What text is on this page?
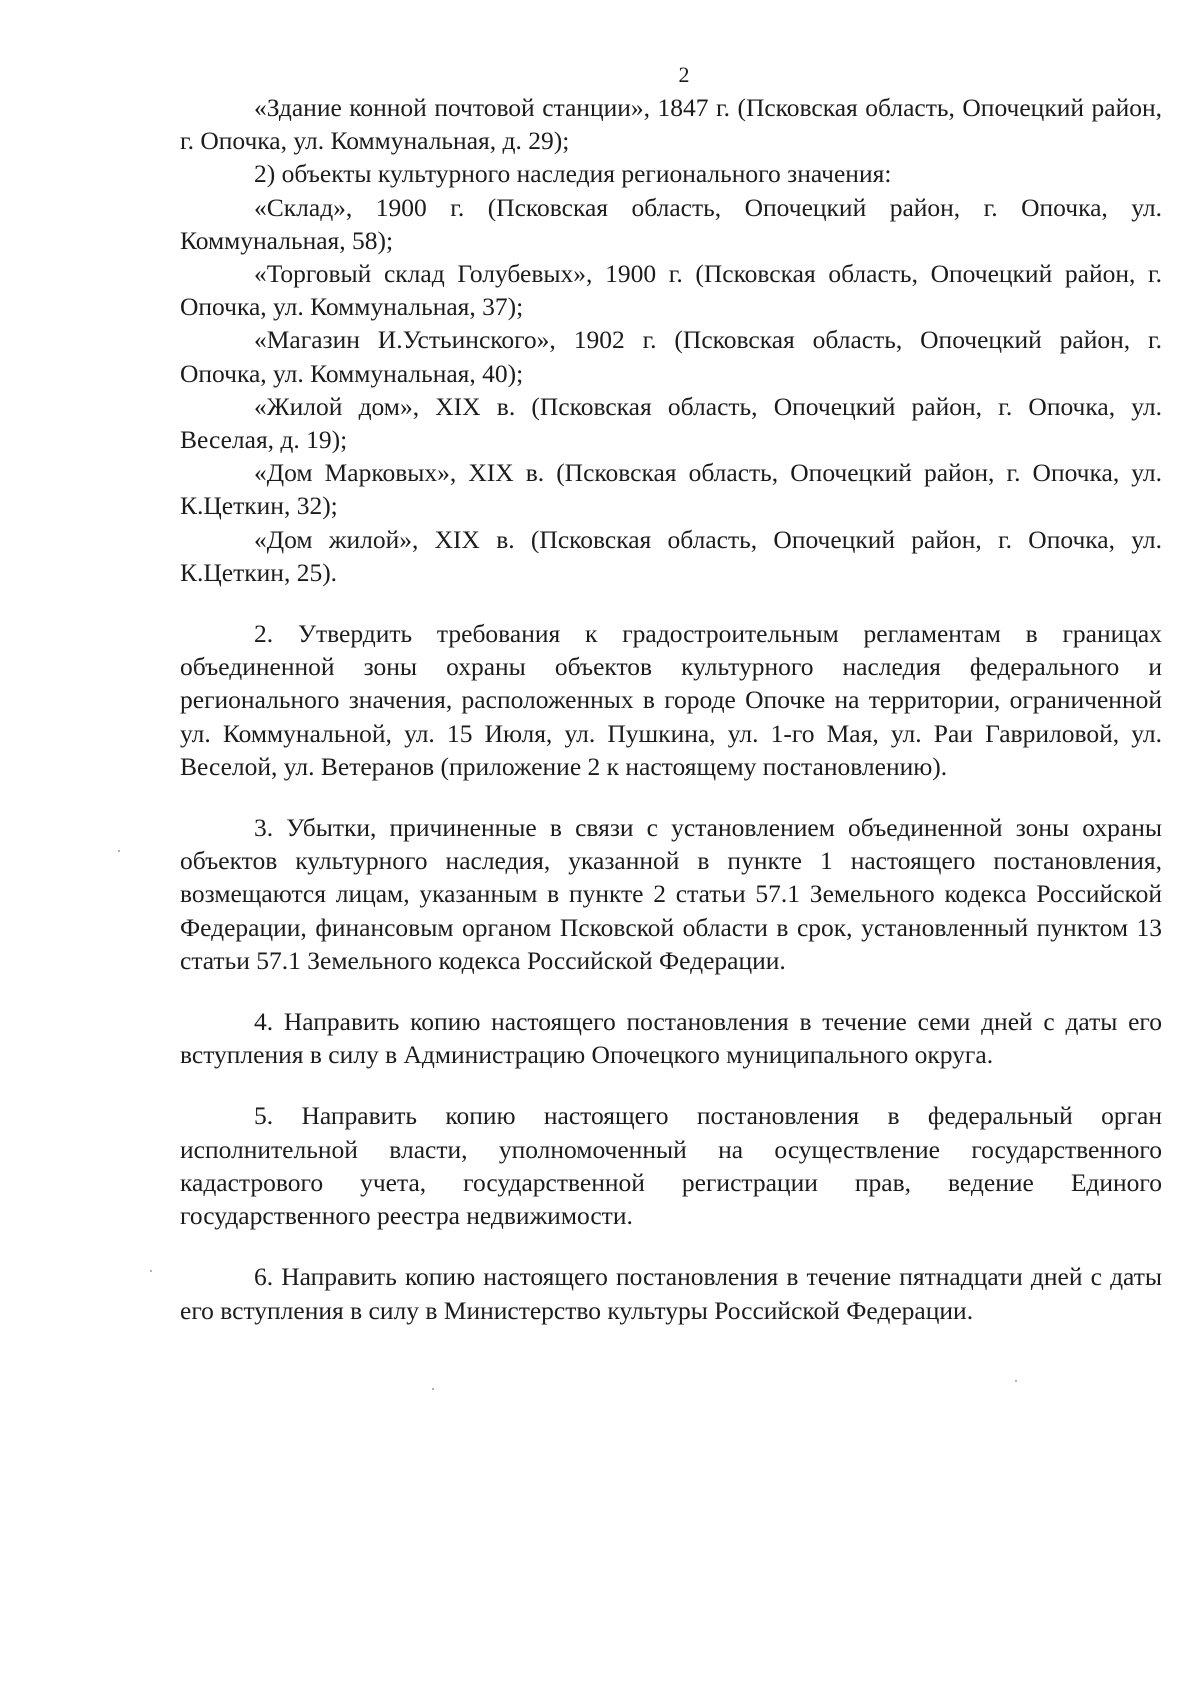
2

«Здание конной почтовой станции», 1847 г. (Псковская область, Опочецкий район, г. Опочка, ул. Коммунальная, д. 29);

2) объекты культурного наследия регионального значения:

«Склад», 1900 г. (Псковская область, Опочецкий район, г. Опочка, ул. Коммунальная, 58);

«Торговый склад Голубевых», 1900 г. (Псковская область, Опочецкий район, г. Опочка, ул. Коммунальная, 37);

«Магазин И.Устьинского», 1902 г. (Псковская область, Опочецкий район, г. Опочка, ул. Коммунальная, 40);

«Жилой дом», XIX в. (Псковская область, Опочецкий район, г. Опочка, ул. Веселая, д. 19);

«Дом Марковых», XIX в. (Псковская область, Опочецкий район, г. Опочка, ул. К.Цеткин, 32);

«Дом жилой», XIX в. (Псковская область, Опочецкий район, г. Опочка, ул. К.Цеткин, 25).

2. Утвердить требования к градостроительным регламентам в границах объединенной зоны охраны объектов культурного наследия федерального и регионального значения, расположенных в городе Опочке на территории, ограниченной ул. Коммунальной, ул. 15 Июля, ул. Пушкина, ул. 1-го Мая, ул. Раи Гавриловой, ул. Веселой, ул. Ветеранов (приложение 2 к настоящему постановлению).

3. Убытки, причиненные в связи с установлением объединенной зоны охраны объектов культурного наследия, указанной в пункте 1 настоящего постановления, возмещаются лицам, указанным в пункте 2 статьи 57.1 Земельного кодекса Российской Федерации, финансовым органом Псковской области в срок, установленный пунктом 13 статьи 57.1 Земельного кодекса Российской Федерации.

4. Направить копию настоящего постановления в течение семи дней с даты его вступления в силу в Администрацию Опочецкого муниципального округа.

5. Направить копию настоящего постановления в федеральный орган исполнительной власти, уполномоченный на осуществление государственного кадастрового учета, государственной регистрации прав, ведение Единого государственного реестра недвижимости.

6. Направить копию настоящего постановления в течение пятнадцати дней с даты его вступления в силу в Министерство культуры Российской Федерации.
